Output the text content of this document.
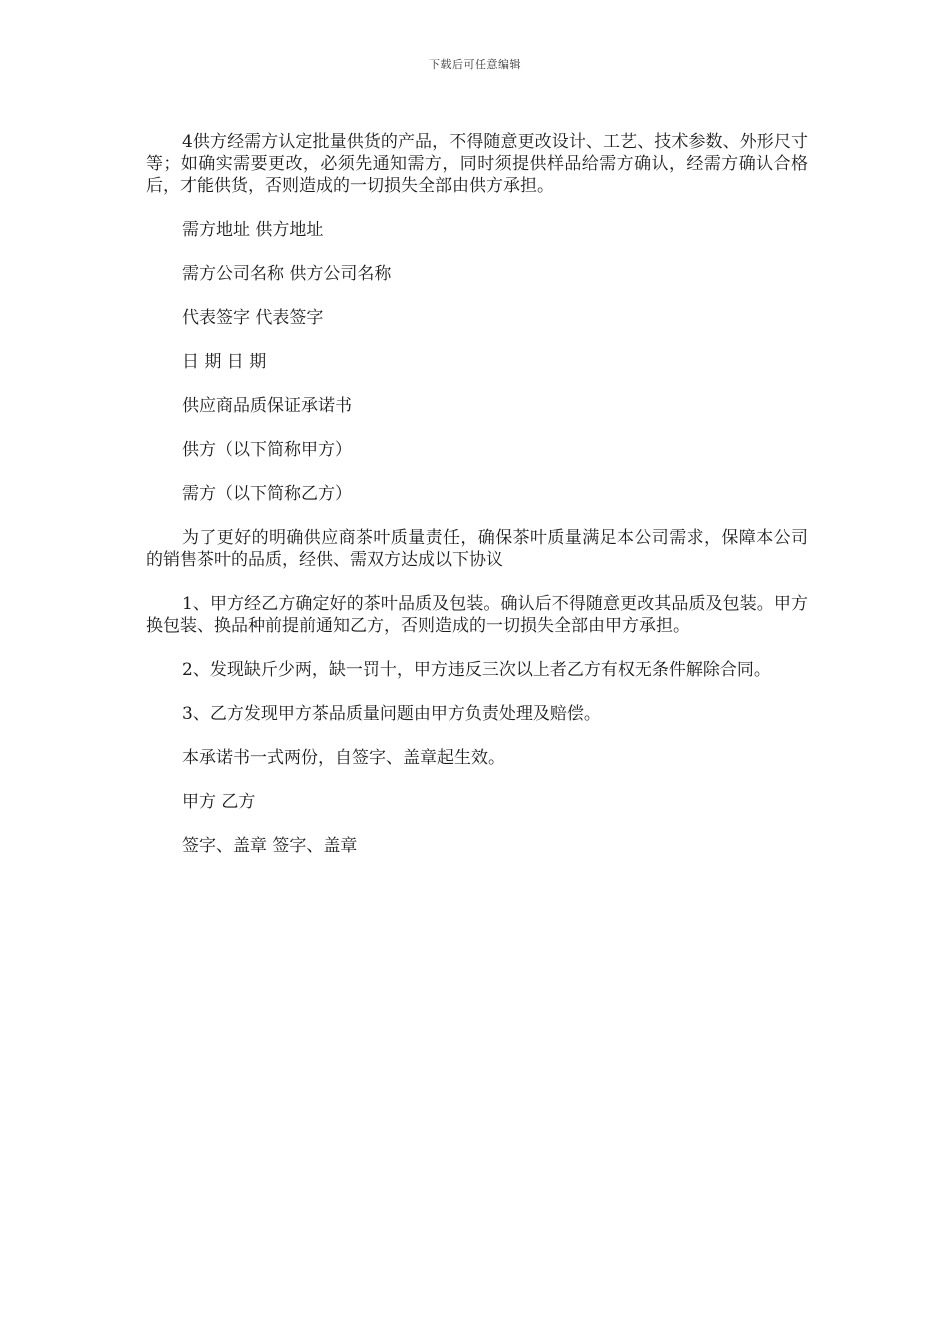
下载后可任意编辑

4供方经需方认定批量供货的产品，不得随意更改设计、工艺、技术参数、外形尺寸等；如确实需要更改，必须先通知需方，同时须提供样品给需方确认，经需方确认合格后，才能供货，否则造成的一切损失全部由供方承担。

需方地址 供方地址

需方公司名称 供方公司名称

代表签字 代表签字

日 期 日 期

供应商品质保证承诺书

供方（以下简称甲方）

需方（以下简称乙方）

为了更好的明确供应商茶叶质量责任，确保茶叶质量满足本公司需求，保障本公司的销售茶叶的品质，经供、需双方达成以下协议

1、甲方经乙方确定好的茶叶品质及包装。确认后不得随意更改其品质及包装。甲方换包装、换品种前提前通知乙方，否则造成的一切损失全部由甲方承担。

2、发现缺斤少两，缺一罚十，甲方违反三次以上者乙方有权无条件解除合同。

3、乙方发现甲方茶品质量问题由甲方负责处理及赔偿。

本承诺书一式两份，自签字、盖章起生效。

甲方 乙方

签字、盖章 签字、盖章
